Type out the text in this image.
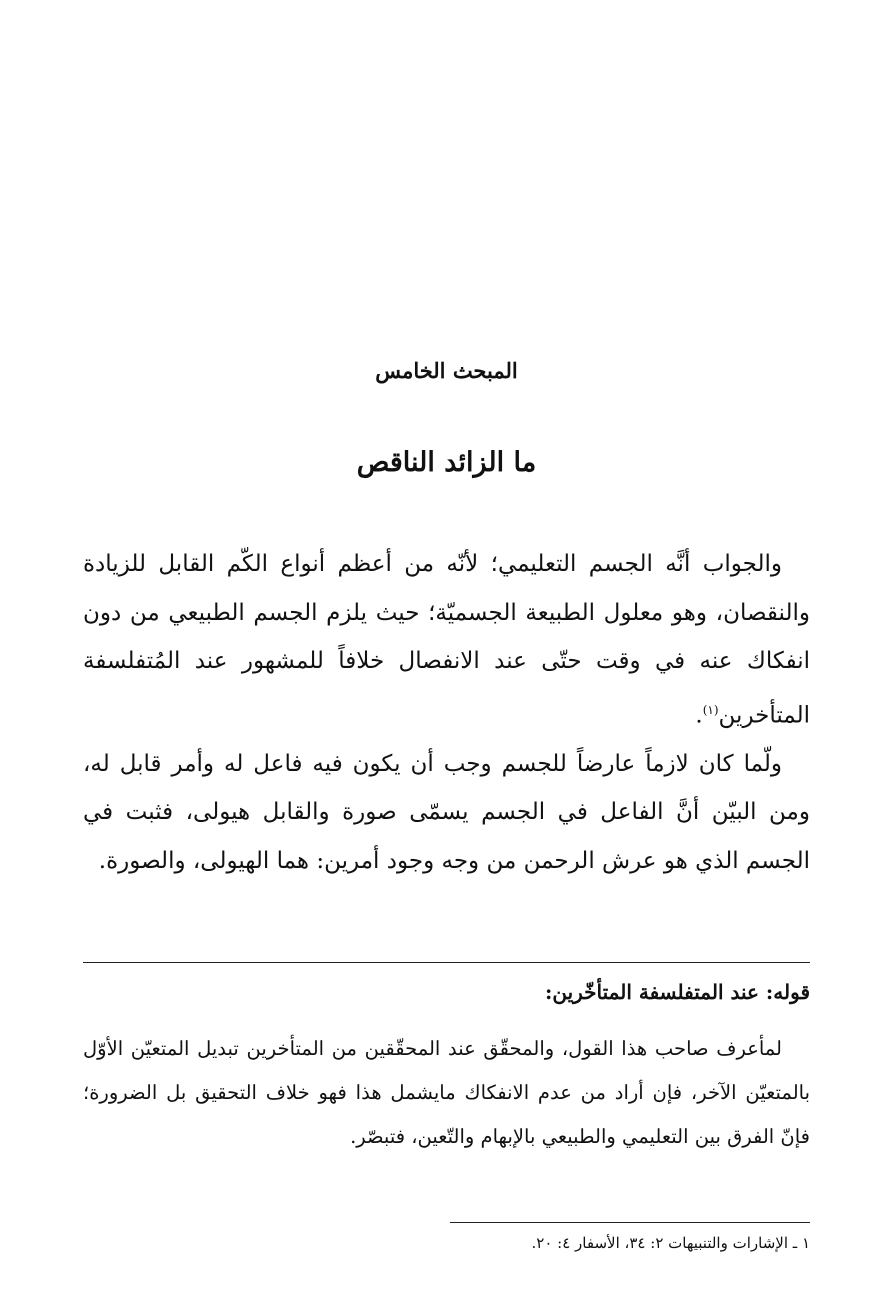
المبحث الخامس
ما الزائد الناقص

والجواب أنَّه الجسم التعليمي؛ لأنّه من أعظم أنواع الكّم القابل للزيادة والنقصان، وهو معلول الطبيعة الجسميّة؛ حيث يلزم الجسم الطبيعي من دون انفكاك عنه في وقت حتّى عند الانفصال خلافاً للمشهور عند المُتفلسفة المتأخرين$^{(١)}$.

ولّما كان لازماً عارضاً للجسم وجب أن يكون فيه فاعل له وأمر قابل له، ومن البيّن أنَّ الفاعل في الجسم يسمّى صورة والقابل هيولى، فثبت في الجسم الذي هو عرش الرحمن من وجه وجود أمرين: هما الهيولى، والصورة.

قوله: عند المتفلسفة المتأخّرين:

لمأعرف صاحب هذا القول، والمحقّق عند المحقّقين من المتأخرين تبديل المتعيّن الأوّل بالمتعيّن الآخر، فإن أراد من عدم الانفكاك مايشمل هذا فهو خلاف التحقيق بل الضرورة؛ فإنّ الفرق بين التعليمي والطبيعي بالإبهام والتّعين، فتبصّر.

١ ـ الإشارات والتنبيهات ٢: ٣٤، الأسفار ٤: ٢٠.
